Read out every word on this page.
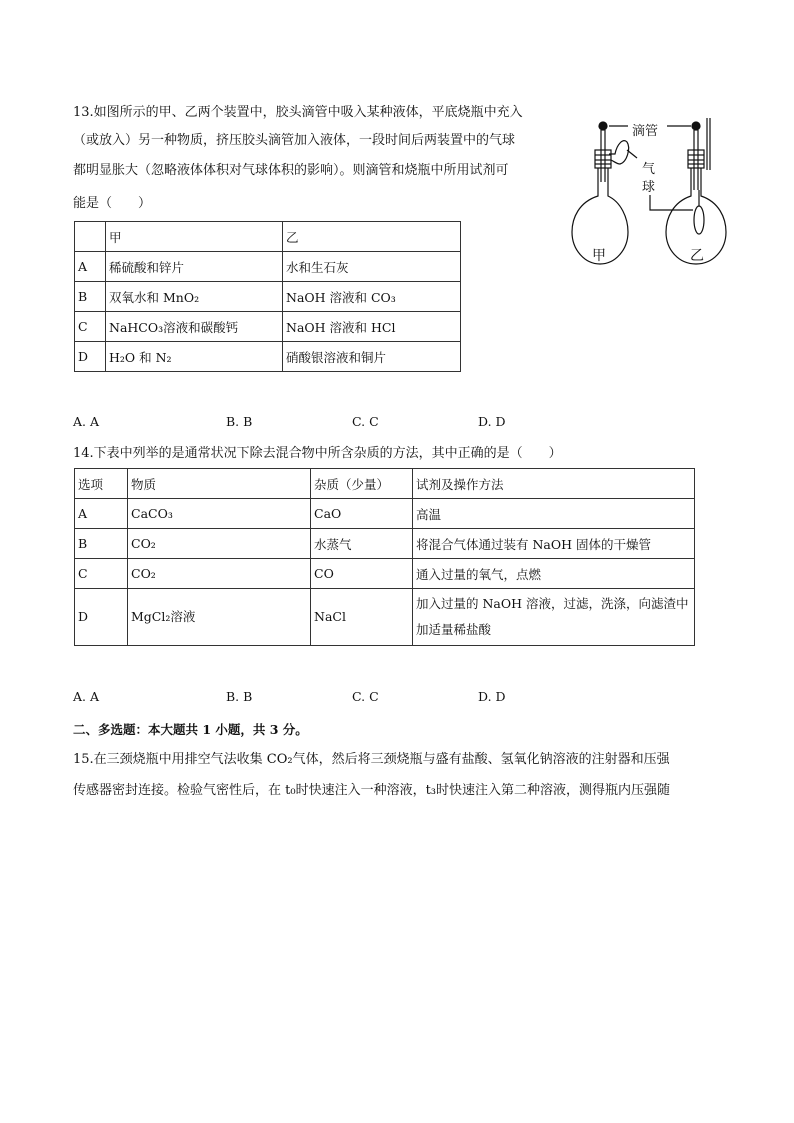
13.如图所示的甲、乙两个装置中，胶头滴管中吸入某种液体，平底烧瓶中充入
（或放入）另一种物质，挤压胶头滴管加入液体，一段时间后两装置中的气球
都明显胀大（忽略液体体积对气球体积的影响）。则滴管和烧瓶中所用试剂可
能是（　　）
	甲	乙
A	稀硫酸和锌片	水和生石灰
B	双氧水和 MnO₂	NaOH 溶液和 CO₃
C	NaHCO₃溶液和碳酸钙	NaOH 溶液和 HCl
D	H₂O 和 N₂	硝酸银溶液和铜片
A. A	B. B	C. C	D. D
滴管
气
球
甲	乙
14.下表中列举的是通常状况下除去混合物中所含杂质的方法，其中正确的是（　　）
选项	物质	杂质（少量）	试剂及操作方法
A	CaCO₃	CaO	高温
B	CO₂	水蒸气	将混合气体通过装有 NaOH 固体的干燥管
C	CO₂	CO	通入过量的氧气，点燃
D	MgCl₂溶液	NaCl	加入过量的 NaOH 溶液，过滤，洗涤，向滤渣中加适量稀盐酸
A. A	B. B	C. C	D. D
二、多选题：本大题共 1 小题，共 3 分。
15.在三颈烧瓶中用排空气法收集 CO₂气体，然后将三颈烧瓶与盛有盐酸、氢氧化钠溶液的注射器和压强
传感器密封连接。检验气密性后，在 t₀时快速注入一种溶液，t₃时快速注入第二种溶液，测得瓶内压强随
